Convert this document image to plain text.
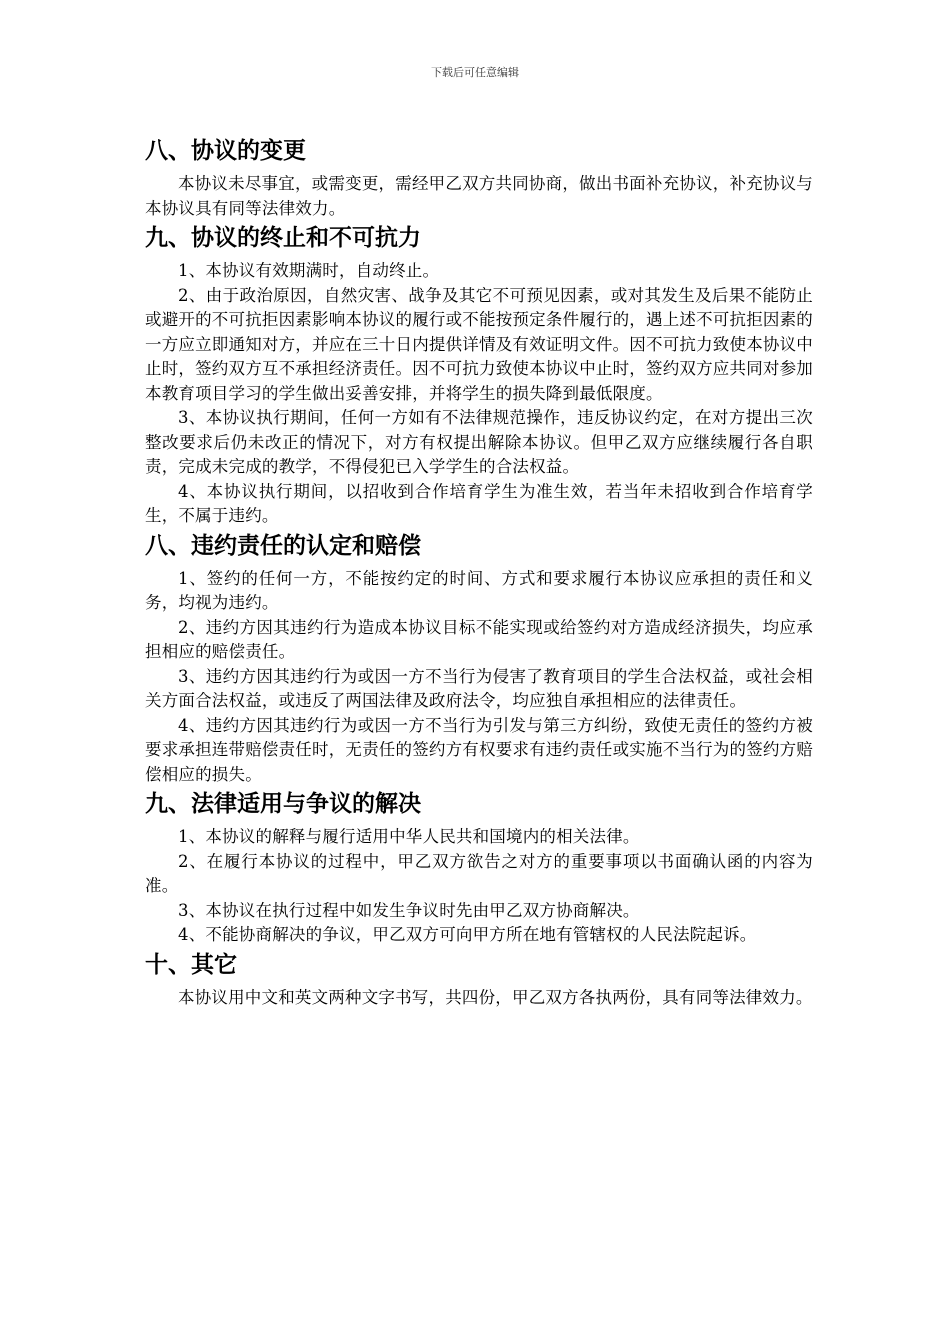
下载后可任意编辑
八、协议的变更

本协议未尽事宜，或需变更，需经甲乙双方共同协商，做出书面补充协议，补充协议与本协议具有同等法律效力。

九、协议的终止和不可抗力

1、本协议有效期满时，自动终止。

2、由于政治原因，自然灾害、战争及其它不可预见因素，或对其发生及后果不能防止或避开的不可抗拒因素影响本协议的履行或不能按预定条件履行的，遇上述不可抗拒因素的一方应立即通知对方，并应在三十日内提供详情及有效证明文件。因不可抗力致使本协议中止时，签约双方互不承担经济责任。因不可抗力致使本协议中止时，签约双方应共同对参加本教育项目学习的学生做出妥善安排，并将学生的损失降到最低限度。

3、本协议执行期间，任何一方如有不法律规范操作，违反协议约定，在对方提出三次整改要求后仍未改正的情况下，对方有权提出解除本协议。但甲乙双方应继续履行各自职责，完成未完成的教学，不得侵犯已入学学生的合法权益。

4、本协议执行期间，以招收到合作培育学生为准生效，若当年未招收到合作培育学生，不属于违约。

八、违约责任的认定和赔偿

1、签约的任何一方，不能按约定的时间、方式和要求履行本协议应承担的责任和义务，均视为违约。

2、违约方因其违约行为造成本协议目标不能实现或给签约对方造成经济损失，均应承担相应的赔偿责任。

3、违约方因其违约行为或因一方不当行为侵害了教育项目的学生合法权益，或社会相关方面合法权益，或违反了两国法律及政府法令，均应独自承担相应的法律责任。

4、违约方因其违约行为或因一方不当行为引发与第三方纠纷，致使无责任的签约方被要求承担连带赔偿责任时，无责任的签约方有权要求有违约责任或实施不当行为的签约方赔偿相应的损失。

九、法律适用与争议的解决

1、本协议的解释与履行适用中华人民共和国境内的相关法律。

2、在履行本协议的过程中，甲乙双方欲告之对方的重要事项以书面确认函的内容为准。

3、本协议在执行过程中如发生争议时先由甲乙双方协商解决。

4、不能协商解决的争议，甲乙双方可向甲方所在地有管辖权的人民法院起诉。

十、其它

本协议用中文和英文两种文字书写，共四份，甲乙双方各执两份，具有同等法律效力。
